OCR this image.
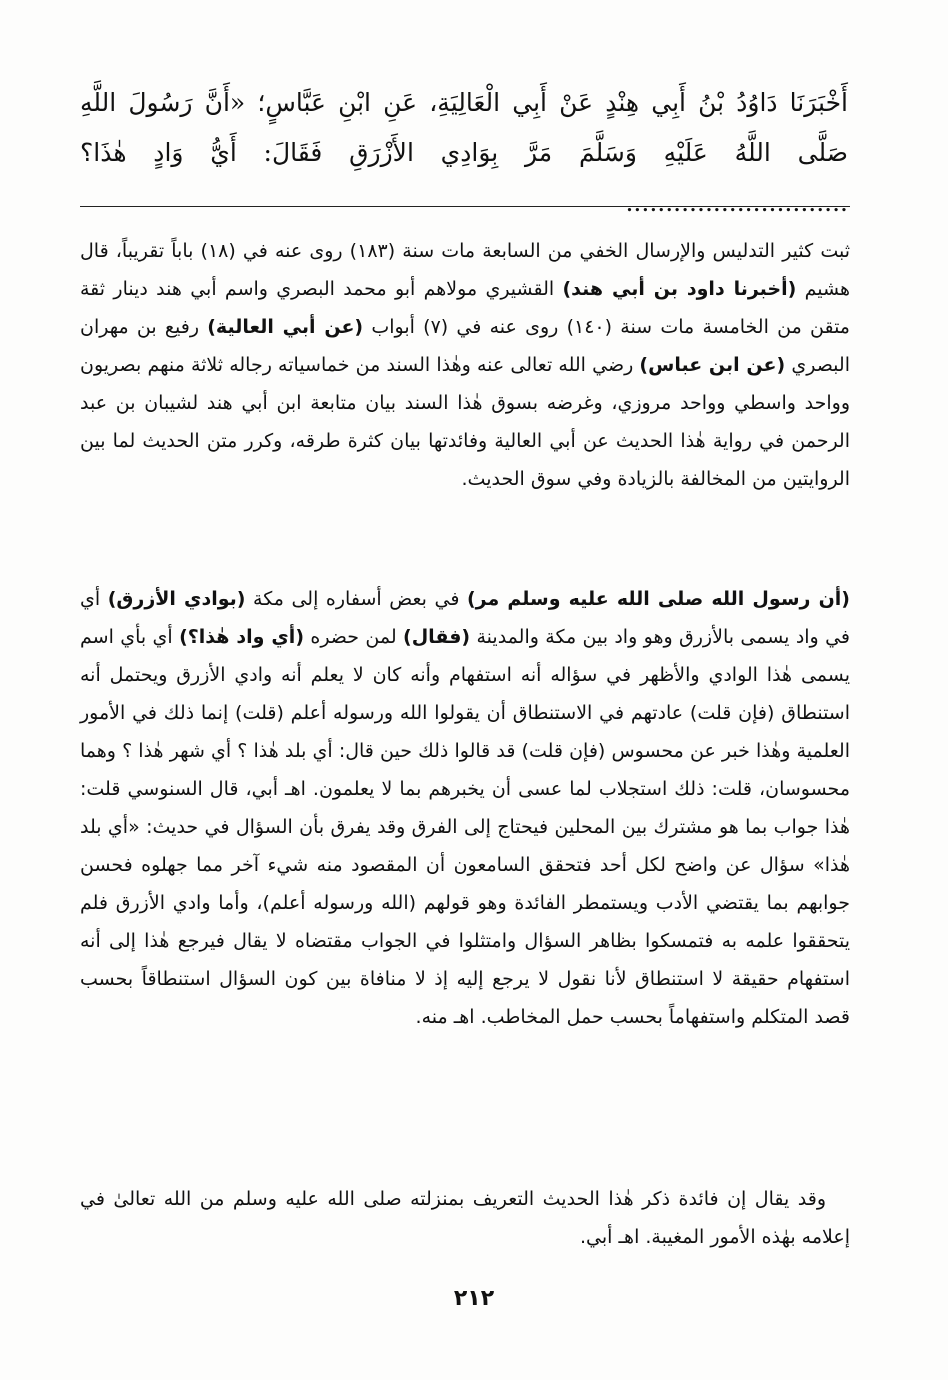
أَخْبَرَنَا دَاوُدُ بْنُ أَبِي هِنْدٍ عَنْ أَبِي الْعَالِيَةِ، عَنِ ابْنِ عَبَّاسٍ؛ «أَنَّ رَسُولَ اللَّهِ صَلَّى اللَّهُ عَلَيْهِ وَسَلَّمَ مَرَّ بِوَادِي الأَزْرَقِ فَقَالَ: أَيُّ وَادٍ هٰذَا؟ ............................

ثبت كثير التدليس والإرسال الخفي من السابعة مات سنة (١٨٣) روى عنه في (١٨) باباً تقريباً، قال هشيم (أخبرنا داود بن أبي هند) القشيري مولاهم أبو محمد البصري واسم أبي هند دينار ثقة متقن من الخامسة مات سنة (١٤٠) روى عنه في (٧) أبواب (عن أبي العالية) رفيع بن مهران البصري (عن ابن عباس) رضي الله تعالى عنه وهٰذا السند من خماسياته رجاله ثلاثة منهم بصريون وواحد واسطي وواحد مروزي، وغرضه بسوق هٰذا السند بيان متابعة ابن أبي هند لشيبان بن عبد الرحمن في رواية هٰذا الحديث عن أبي العالية وفائدتها بيان كثرة طرقه، وكرر متن الحديث لما بين الروايتين من المخالفة بالزيادة وفي سوق الحديث.

(أن رسول الله صلى الله عليه وسلم مر) في بعض أسفاره إلى مكة (بوادي الأزرق) أي في واد يسمى بالأزرق وهو واد بين مكة والمدينة (فقال) لمن حضره (أي واد هٰذا؟) أي بأي اسم يسمى هٰذا الوادي والأظهر في سؤاله أنه استفهام وأنه كان لا يعلم أنه وادي الأزرق ويحتمل أنه استنطاق (فإن قلت) عادتهم في الاستنطاق أن يقولوا الله ورسوله أعلم (قلت) إنما ذلك في الأمور العلمية وهٰذا خبر عن محسوس (فإن قلت) قد قالوا ذلك حين قال: أي بلد هٰذا ؟ أي شهر هٰذا ؟ وهما محسوسان، قلت: ذلك استجلاب لما عسى أن يخبرهم بما لا يعلمون. اهـ أبي، قال السنوسي قلت: هٰذا جواب بما هو مشترك بين المحلين فيحتاج إلى الفرق وقد يفرق بأن السؤال في حديث: «أي بلد هٰذا» سؤال عن واضح لكل أحد فتحقق السامعون أن المقصود منه شيء آخر مما جهلوه فحسن جوابهم بما يقتضي الأدب ويستمطر الفائدة وهو قولهم (الله ورسوله أعلم)، وأما وادي الأزرق فلم يتحققوا علمه به فتمسكوا بظاهر السؤال وامتثلوا في الجواب مقتضاه لا يقال فيرجع هٰذا إلى أنه استفهام حقيقة لا استنطاق لأنا نقول لا يرجع إليه إذ لا منافاة بين كون السؤال استنطاقاً بحسب قصد المتكلم واستفهاماً بحسب حمل المخاطب. اهـ منه.

وقد يقال إن فائدة ذكر هٰذا الحديث التعريف بمنزلته صلى الله عليه وسلم من الله تعالىٰ في إعلامه بهٰذه الأمور المغيبة. اهـ أبي.

٢١٢
